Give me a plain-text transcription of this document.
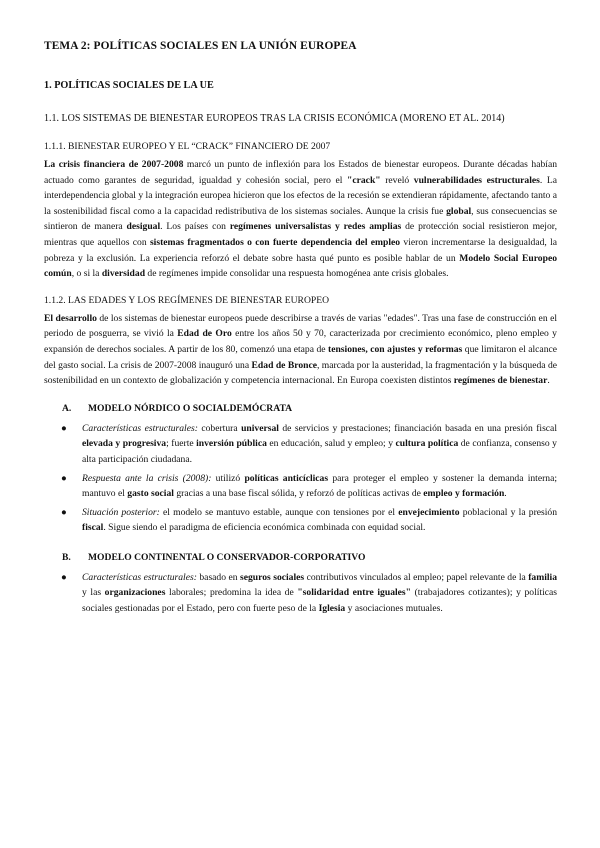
TEMA 2: POLÍTICAS SOCIALES EN LA UNIÓN EUROPEA
1. POLÍTICAS SOCIALES DE LA UE
1.1. LOS SISTEMAS DE BIENESTAR EUROPEOS TRAS LA CRISIS ECONÓMICA (MORENO ET AL. 2014)
1.1.1. BIENESTAR EUROPEO Y EL “CRACK” FINANCIERO DE 2007

La crisis financiera de 2007-2008 marcó un punto de inflexión para los Estados de bienestar europeos. Durante décadas habían actuado como garantes de seguridad, igualdad y cohesión social, pero el "crack" reveló vulnerabilidades estructurales. La interdependencia global y la integración europea hicieron que los efectos de la recesión se extendieran rápidamente, afectando tanto a la sostenibilidad fiscal como a la capacidad redistributiva de los sistemas sociales. Aunque la crisis fue global, sus consecuencias se sintieron de manera desigual. Los países con regímenes universalistas y redes amplias de protección social resistieron mejor, mientras que aquellos con sistemas fragmentados o con fuerte dependencia del empleo vieron incrementarse la desigualdad, la pobreza y la exclusión. La experiencia reforzó el debate sobre hasta qué punto es posible hablar de un Modelo Social Europeo común, o si la diversidad de regímenes impide consolidar una respuesta homogénea ante crisis globales.

1.1.2. LAS EDADES Y LOS REGÍMENES DE BIENESTAR EUROPEO

El desarrollo de los sistemas de bienestar europeos puede describirse a través de varias "edades". Tras una fase de construcción en el periodo de posguerra, se vivió la Edad de Oro entre los años 50 y 70, caracterizada por crecimiento económico, pleno empleo y expansión de derechos sociales. A partir de los 80, comenzó una etapa de tensiones, con ajustes y reformas que limitaron el alcance del gasto social. La crisis de 2007-2008 inauguró una Edad de Bronce, marcada por la austeridad, la fragmentación y la búsqueda de sostenibilidad en un contexto de globalización y competencia internacional. En Europa coexisten distintos regímenes de bienestar.

A.	MODELO NÓRDICO O SOCIALDEMÓCRATA
● Características estructurales: cobertura universal de servicios y prestaciones; financiación basada en una presión fiscal elevada y progresiva; fuerte inversión pública en educación, salud y empleo; y cultura política de confianza, consenso y alta participación ciudadana.
● Respuesta ante la crisis (2008): utilizó políticas anticíclicas para proteger el empleo y sostener la demanda interna; mantuvo el gasto social gracias a una base fiscal sólida, y reforzó de políticas activas de empleo y formación.
● Situación posterior: el modelo se mantuvo estable, aunque con tensiones por el envejecimiento poblacional y la presión fiscal. Sigue siendo el paradigma de eficiencia económica combinada con equidad social.
B.	MODELO CONTINENTAL O CONSERVADOR-CORPORATIVO
● Características estructurales: basado en seguros sociales contributivos vinculados al empleo; papel relevante de la familia y las organizaciones laborales; predomina la idea de "solidaridad entre iguales" (trabajadores cotizantes); y políticas sociales gestionadas por el Estado, pero con fuerte peso de la Iglesia y asociaciones mutuales.
